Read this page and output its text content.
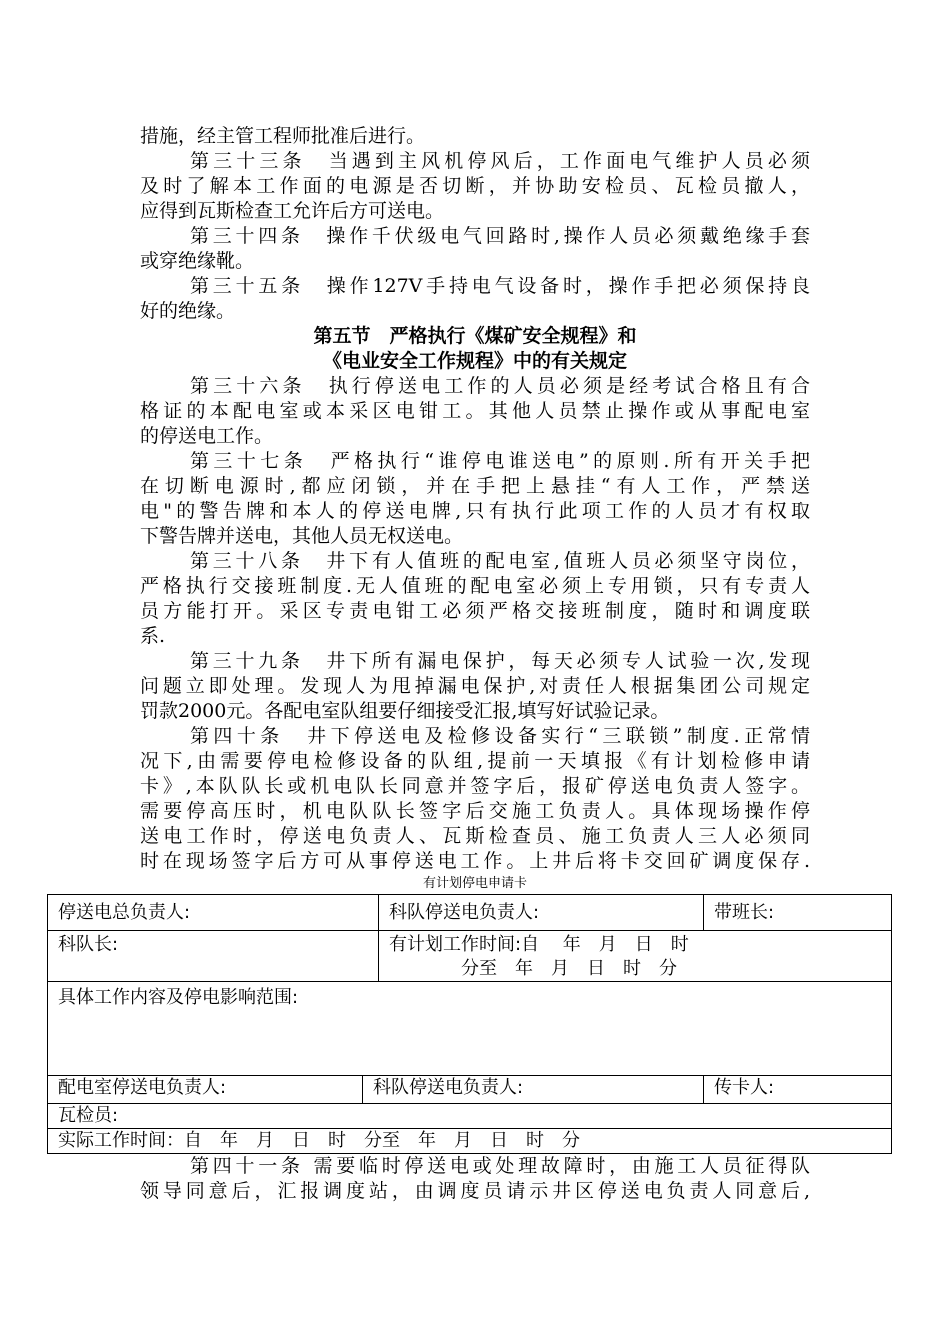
措施，经主管工程师批准后进行。
第三十三条　当遇到主风机停风后，工作面电气维护人员必须
及时了解本工作面的电源是否切断，并协助安检员、瓦检员撤人，
应得到瓦斯检查工允许后方可送电。
第三十四条　操作千伏级电气回路时,操作人员必须戴绝缘手套
或穿绝缘靴。
第三十五条　操作127V手持电气设备时，操作手把必须保持良
好的绝缘。
第五节　严格执行《煤矿安全规程》和
《电业安全工作规程》中的有关规定
第三十六条　执行停送电工作的人员必须是经考试合格且有合
格证的本配电室或本采区电钳工。其他人员禁止操作或从事配电室
的停送电工作。
第三十七条　严格执行“谁停电谁送电”的原则.所有开关手把
在切断电源时,都应闭锁，并在手把上悬挂“有人工作，严禁送
电"的警告牌和本人的停送电牌,只有执行此项工作的人员才有权取
下警告牌并送电，其他人员无权送电。
第三十八条　井下有人值班的配电室,值班人员必须坚守岗位，
严格执行交接班制度.无人值班的配电室必须上专用锁，只有专责人
员方能打开。采区专责电钳工必须严格交接班制度，随时和调度联
系.
第三十九条　井下所有漏电保护，每天必须专人试验一次,发现
问题立即处理。发现人为甩掉漏电保护,对责任人根据集团公司规定
罚款2000元。各配电室队组要仔细接受汇报,填写好试验记录。
第四十条　井下停送电及检修设备实行“三联锁”制度.正常情
况下,由需要停电检修设备的队组,提前一天填报《有计划检修申请
卡》,本队队长或机电队长同意并签字后，报矿停送电负责人签字。
需要停高压时，机电队队长签字后交施工负责人。具体现场操作停
送电工作时，停送电负责人、瓦斯检查员、施工负责人三人必须同
时在现场签字后方可从事停送电工作。上井后将卡交回矿调度保存.
有计划停电申请卡
停送电总负责人:		科队停送电负责人:	带班长:
科队长:		有计划工作时间:自　 年　月　日　时
分至　年　月　日　时　分	

具体工作内容及停电影响范围:			
配电室停送电负责人:	科队停送电负责人:		传卡人:
瓦检员:			
实际工作时间：自　年　月　日　时　分至　年　月　日　时　分			
第四十一条 需要临时停送电或处理故障时，由施工人员征得队
领导同意后，汇报调度站，由调度员请示井区停送电负责人同意后,
